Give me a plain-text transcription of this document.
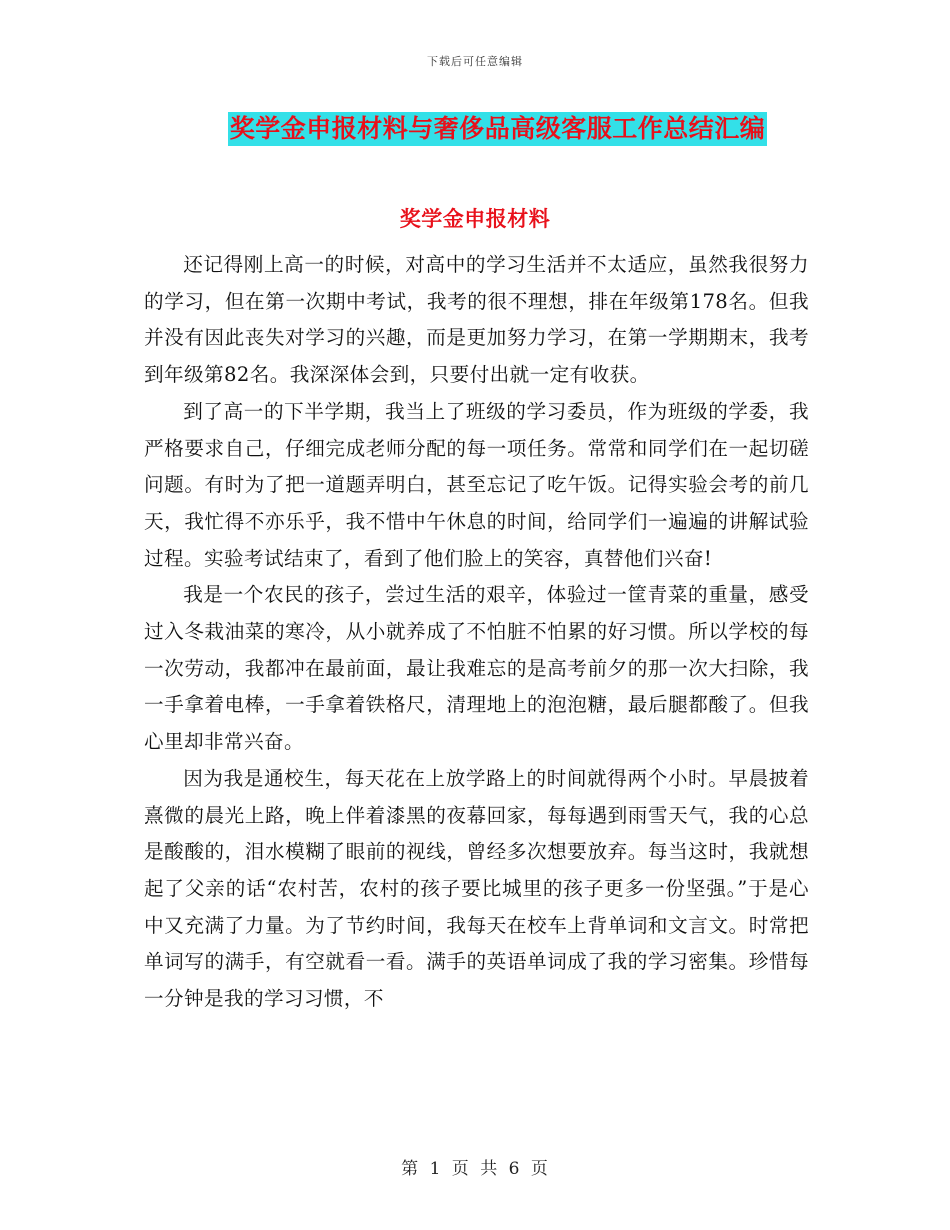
下载后可任意编辑
奖学金申报材料与奢侈品高级客服工作总结汇编
奖学金申报材料

还记得刚上高一的时候，对高中的学习生活并不太适应，虽然我很努力的学习，但在第一次期中考试，我考的很不理想，排在年级第178名。但我并没有因此丧失对学习的兴趣，而是更加努力学习，在第一学期期末，我考到年级第82名。我深深体会到，只要付出就一定有收获。

到了高一的下半学期，我当上了班级的学习委员，作为班级的学委，我严格要求自己，仔细完成老师分配的每一项任务。常常和同学们在一起切磋问题。有时为了把一道题弄明白，甚至忘记了吃午饭。记得实验会考的前几天，我忙得不亦乐乎，我不惜中午休息的时间，给同学们一遍遍的讲解试验过程。实验考试结束了，看到了他们脸上的笑容，真替他们兴奋!

我是一个农民的孩子，尝过生活的艰辛，体验过一筐青菜的重量，感受过入冬栽油菜的寒冷，从小就养成了不怕脏不怕累的好习惯。所以学校的每一次劳动，我都冲在最前面，最让我难忘的是高考前夕的那一次大扫除，我一手拿着电棒，一手拿着铁格尺，清理地上的泡泡糖，最后腿都酸了。但我心里却非常兴奋。

因为我是通校生，每天花在上放学路上的时间就得两个小时。早晨披着熹微的晨光上路，晚上伴着漆黑的夜幕回家，每每遇到雨雪天气，我的心总是酸酸的，泪水模糊了眼前的视线，曾经多次想要放弃。每当这时，我就想起了父亲的话“农村苦，农村的孩子要比城里的孩子更多一份坚强。”于是心中又充满了力量。为了节约时间，我每天在校车上背单词和文言文。时常把单词写的满手，有空就看一看。满手的英语单词成了我的学习密集。珍惜每一分钟是我的学习习惯，不

第 1 页 共 6 页
